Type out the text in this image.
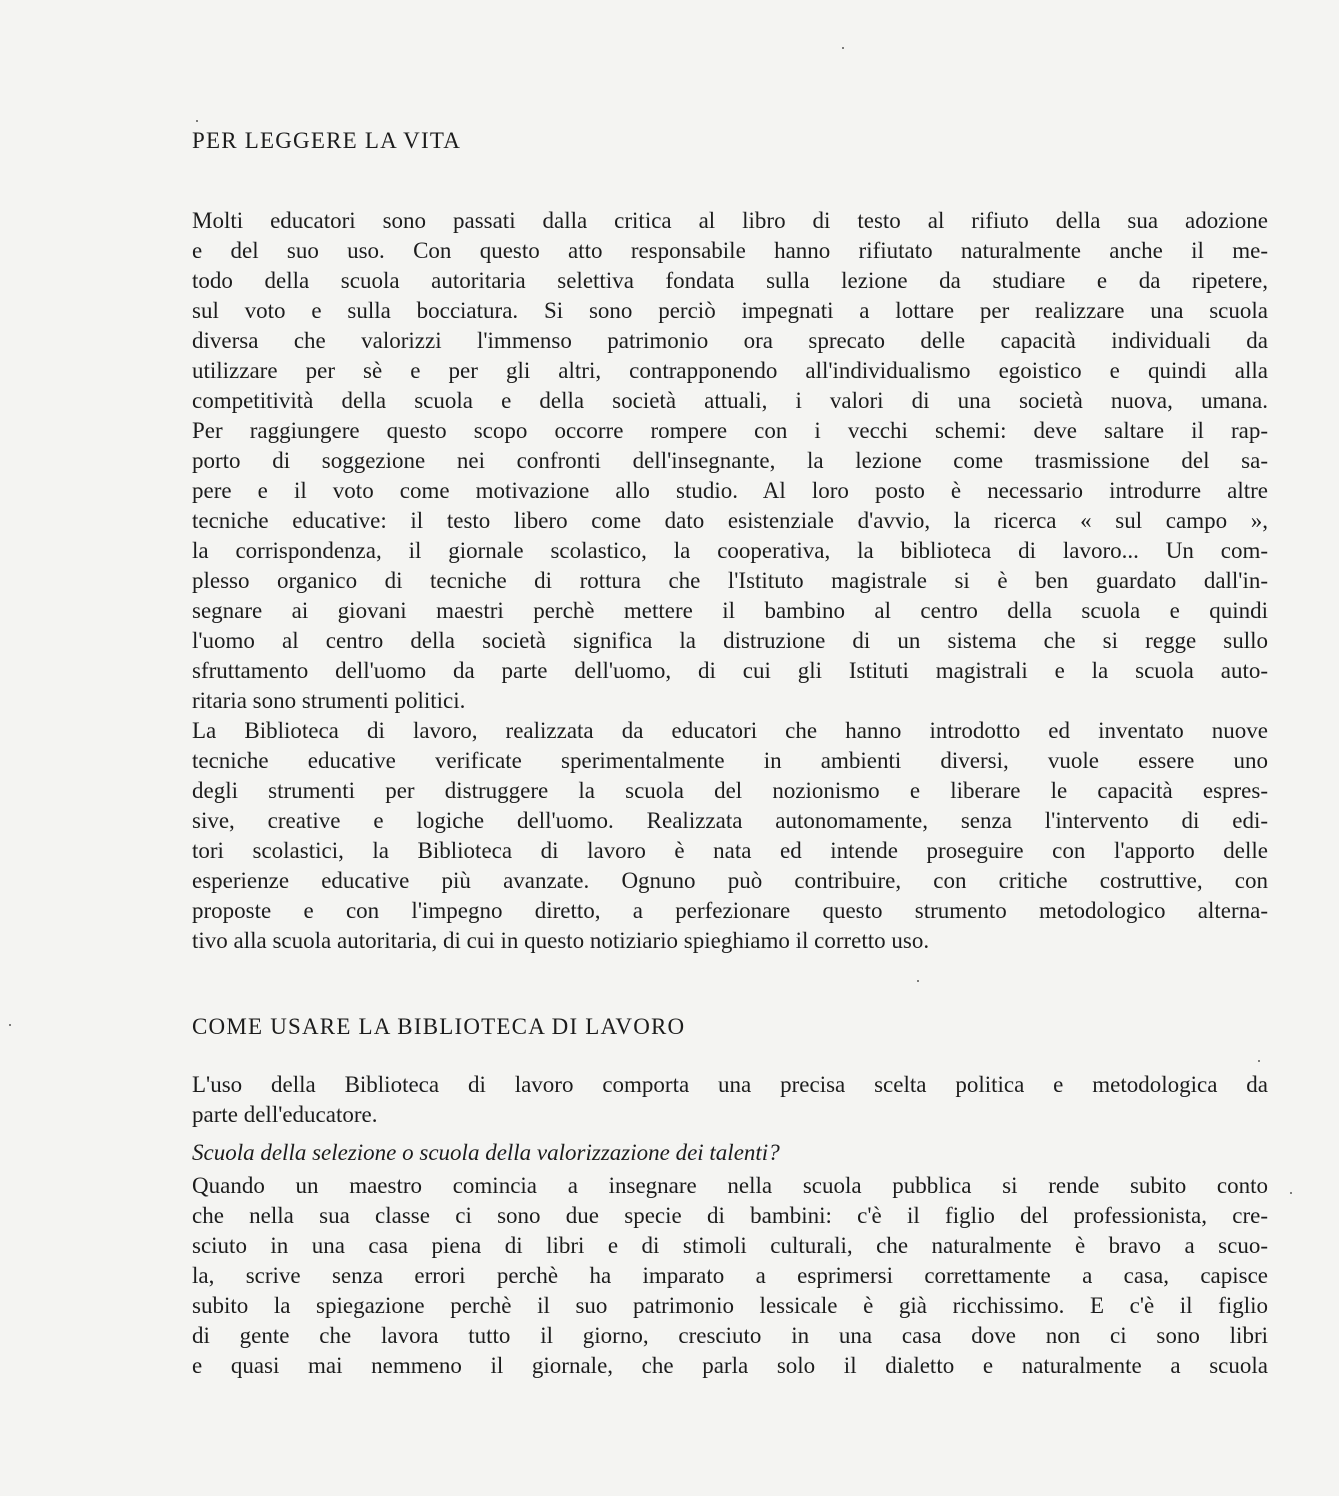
PER LEGGERE LA VITA
Molti educatori sono passati dalla critica al libro di testo al rifiuto della sua adozione
e del suo uso. Con questo atto responsabile hanno rifiutato naturalmente anche il me-
todo della scuola autoritaria selettiva fondata sulla lezione da studiare e da ripetere,
sul voto e sulla bocciatura. Si sono perciò impegnati a lottare per realizzare una scuola
diversa che valorizzi l'immenso patrimonio ora sprecato delle capacità individuali da
utilizzare per sè e per gli altri, contrapponendo all'individualismo egoistico e quindi alla
competitività della scuola e della società attuali, i valori di una società nuova, umana.
Per raggiungere questo scopo occorre rompere con i vecchi schemi: deve saltare il rap-
porto di soggezione nei confronti dell'insegnante, la lezione come trasmissione del sa-
pere e il voto come motivazione allo studio. Al loro posto è necessario introdurre altre
tecniche educative: il testo libero come dato esistenziale d'avvio, la ricerca « sul campo »,
la corrispondenza, il giornale scolastico, la cooperativa, la biblioteca di lavoro... Un com-
plesso organico di tecniche di rottura che l'Istituto magistrale si è ben guardato dall'in-
segnare ai giovani maestri perchè mettere il bambino al centro della scuola e quindi
l'uomo al centro della società significa la distruzione di un sistema che si regge sullo
sfruttamento dell'uomo da parte dell'uomo, di cui gli Istituti magistrali e la scuola auto-
ritaria sono strumenti politici.
La Biblioteca di lavoro, realizzata da educatori che hanno introdotto ed inventato nuove
tecniche educative verificate sperimentalmente in ambienti diversi, vuole essere uno
degli strumenti per distruggere la scuola del nozionismo e liberare le capacità espres-
sive, creative e logiche dell'uomo. Realizzata autonomamente, senza l'intervento di edi-
tori scolastici, la Biblioteca di lavoro è nata ed intende proseguire con l'apporto delle
esperienze educative più avanzate. Ognuno può contribuire, con critiche costruttive, con
proposte e con l'impegno diretto, a perfezionare questo strumento metodologico alterna-
tivo alla scuola autoritaria, di cui in questo notiziario spieghiamo il corretto uso.
COME USARE LA BIBLIOTECA DI LAVORO
L'uso della Biblioteca di lavoro comporta una precisa scelta politica e metodologica da
parte dell'educatore.
Scuola della selezione o scuola della valorizzazione dei talenti?
Quando un maestro comincia a insegnare nella scuola pubblica si rende subito conto
che nella sua classe ci sono due specie di bambini: c'è il figlio del professionista, cre-
sciuto in una casa piena di libri e di stimoli culturali, che naturalmente è bravo a scuo-
la, scrive senza errori perchè ha imparato a esprimersi correttamente a casa, capisce
subito la spiegazione perchè il suo patrimonio lessicale è già ricchissimo. E c'è il figlio
di gente che lavora tutto il giorno, cresciuto in una casa dove non ci sono libri
e quasi mai nemmeno il giornale, che parla solo il dialetto e naturalmente a scuola
